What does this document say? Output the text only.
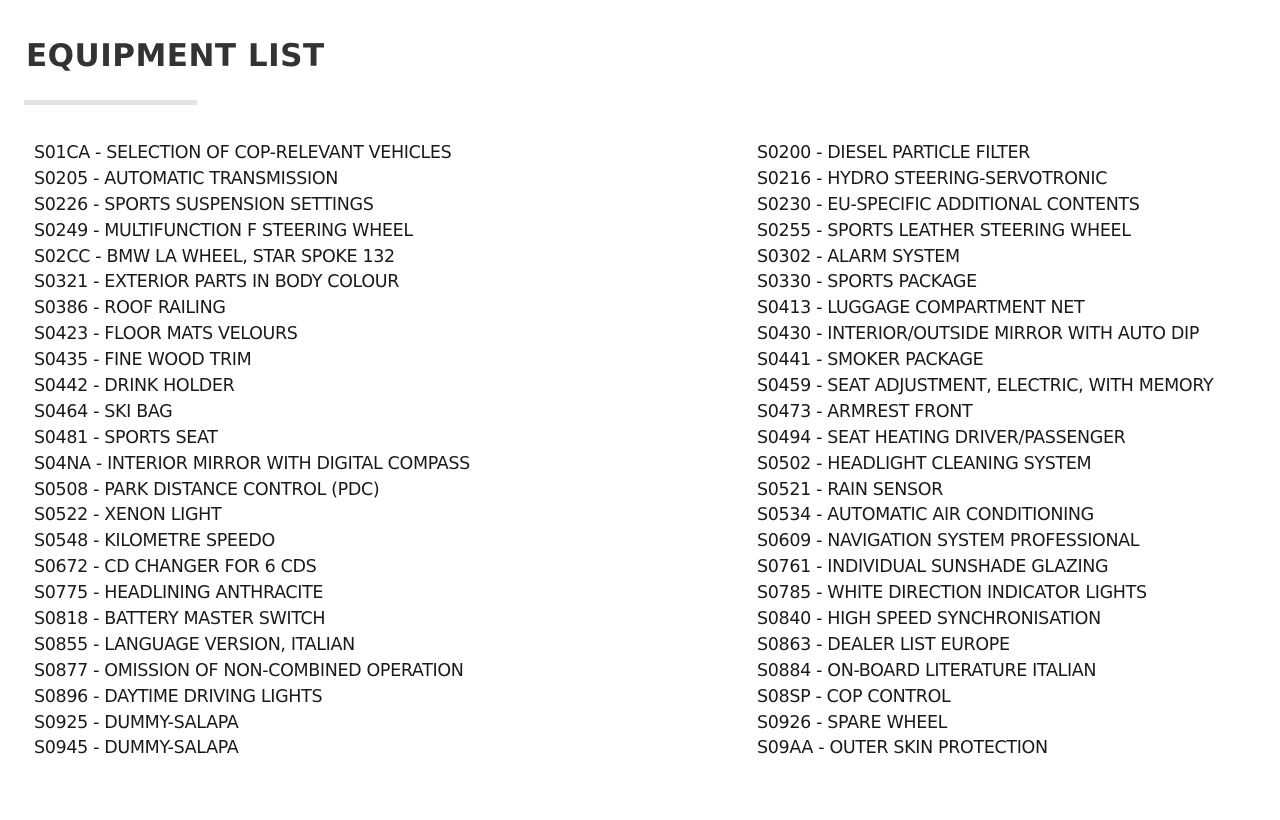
EQUIPMENT LIST
S01CA - SELECTION OF COP-RELEVANT VEHICLES
S0205 - AUTOMATIC TRANSMISSION
S0226 - SPORTS SUSPENSION SETTINGS
S0249 - MULTIFUNCTION F STEERING WHEEL
S02CC - BMW LA WHEEL, STAR SPOKE 132
S0321 - EXTERIOR PARTS IN BODY COLOUR
S0386 - ROOF RAILING
S0423 - FLOOR MATS VELOURS
S0435 - FINE WOOD TRIM
S0442 - DRINK HOLDER
S0464 - SKI BAG
S0481 - SPORTS SEAT
S04NA - INTERIOR MIRROR WITH DIGITAL COMPASS
S0508 - PARK DISTANCE CONTROL (PDC)
S0522 - XENON LIGHT
S0548 - KILOMETRE SPEEDO
S0672 - CD CHANGER FOR 6 CDS
S0775 - HEADLINING ANTHRACITE
S0818 - BATTERY MASTER SWITCH
S0855 - LANGUAGE VERSION, ITALIAN
S0877 - OMISSION OF NON-COMBINED OPERATION
S0896 - DAYTIME DRIVING LIGHTS
S0925 - DUMMY-SALAPA
S0945 - DUMMY-SALAPA
S0200 - DIESEL PARTICLE FILTER
S0216 - HYDRO STEERING-SERVOTRONIC
S0230 - EU-SPECIFIC ADDITIONAL CONTENTS
S0255 - SPORTS LEATHER STEERING WHEEL
S0302 - ALARM SYSTEM
S0330 - SPORTS PACKAGE
S0413 - LUGGAGE COMPARTMENT NET
S0430 - INTERIOR/OUTSIDE MIRROR WITH AUTO DIP
S0441 - SMOKER PACKAGE
S0459 - SEAT ADJUSTMENT, ELECTRIC, WITH MEMORY
S0473 - ARMREST FRONT
S0494 - SEAT HEATING DRIVER/PASSENGER
S0502 - HEADLIGHT CLEANING SYSTEM
S0521 - RAIN SENSOR
S0534 - AUTOMATIC AIR CONDITIONING
S0609 - NAVIGATION SYSTEM PROFESSIONAL
S0761 - INDIVIDUAL SUNSHADE GLAZING
S0785 - WHITE DIRECTION INDICATOR LIGHTS
S0840 - HIGH SPEED SYNCHRONISATION
S0863 - DEALER LIST EUROPE
S0884 - ON-BOARD LITERATURE ITALIAN
S08SP - COP CONTROL
S0926 - SPARE WHEEL
S09AA - OUTER SKIN PROTECTION
